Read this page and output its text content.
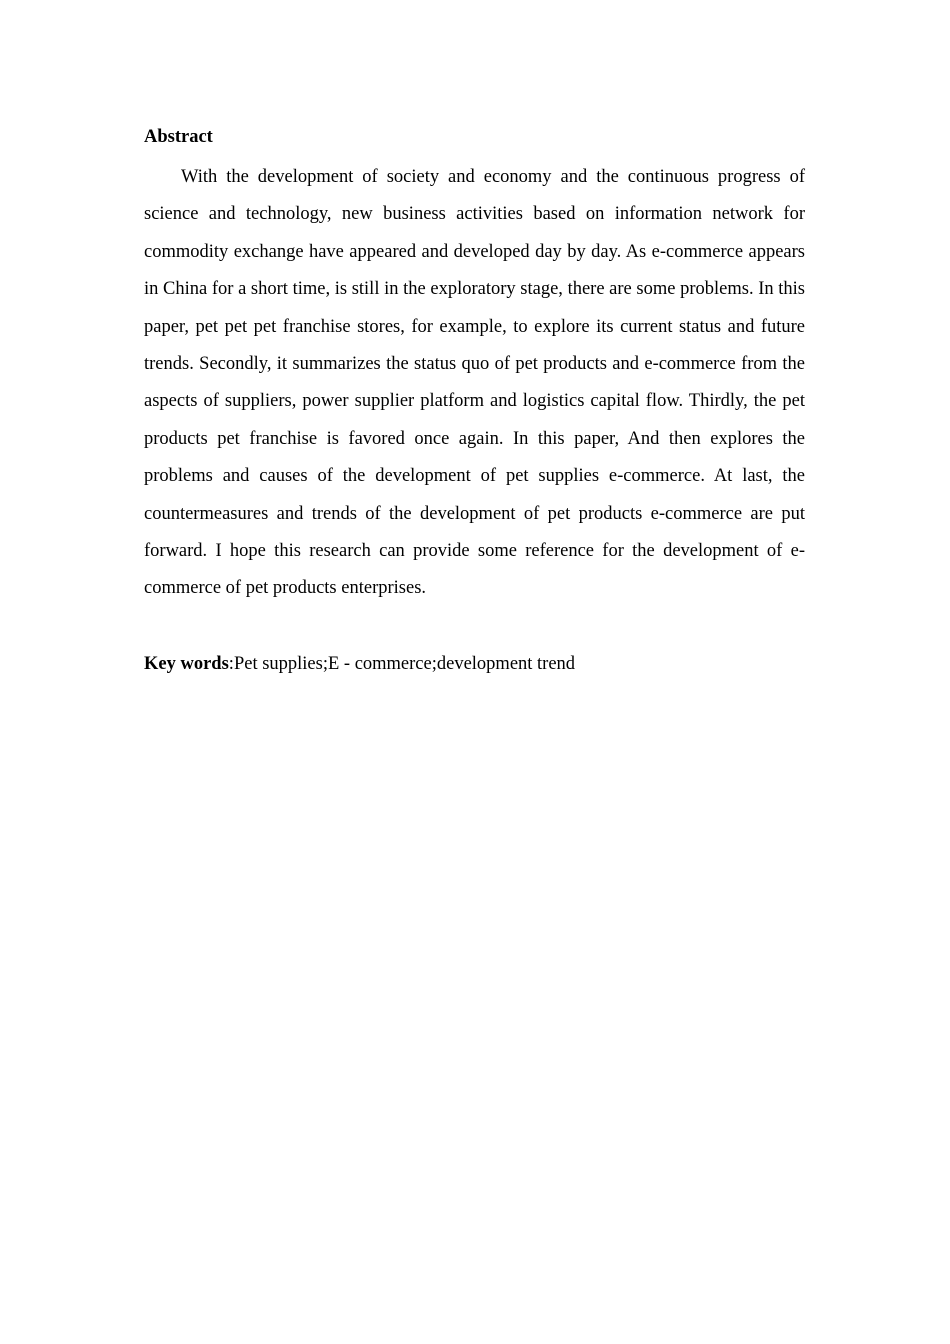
Abstract

With the development of society and economy and the continuous progress of science and technology, new business activities based on information network for commodity exchange have appeared and developed day by day. As e-commerce appears in China for a short time, is still in the exploratory stage, there are some problems. In this paper, pet pet pet franchise stores, for example, to explore its current status and future trends. Secondly, it summarizes the status quo of pet products and e-commerce from the aspects of suppliers, power supplier platform and logistics capital flow. Thirdly, the pet products pet franchise is favored once again. In this paper, And then explores the problems and causes of the development of pet supplies e-commerce. At last, the countermeasures and trends of the development of pet products e-commerce are put forward. I hope this research can provide some reference for the development of e-commerce of pet products enterprises.

Key words:Pet supplies;E - commerce;development trend
